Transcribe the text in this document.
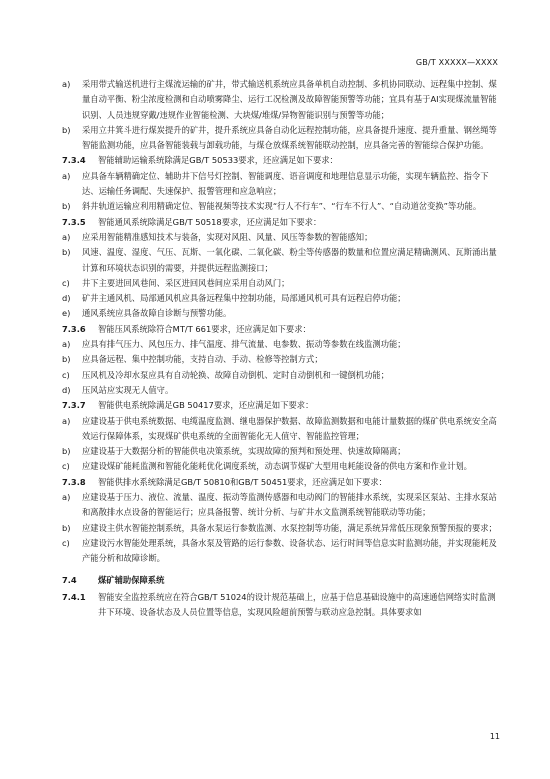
GB/T XXXXX—XXXX
a)	采用带式输送机进行主煤流运输的矿井，带式输送机系统应具备单机自动控制、多机协同联动、远程集中控制、煤量自动平衡、粉尘浓度检测和自动喷雾降尘、运行工况检测及故障智能预警等功能；宜具有基于AI实现煤流量智能识别、人员违规穿戴/违规作业智能检测、大块煤/堆煤/异物智能识别与预警等功能；
b)	采用立井箕斗进行煤炭提升的矿井，提升系统应具备自动化远程控制功能，应具备提升速度、提升重量、钢丝绳等智能监测功能，应具备智能装载与卸载功能，与煤仓放煤系统智能联动控制，应具备完善的智能综合保护功能。
7.3.4	智能辅助运输系统除满足GB/T 50533要求，还应满足如下要求：
a)	应具备车辆精确定位、辅助井下信号灯控制、智能调度、语音调度和地理信息显示功能，实现车辆监控、指令下达、运输任务调配、失速保护、报警管理和应急响应；
b)	斜井轨道运输应利用精确定位、智能视频等技术实现“行人不行车”、“行车不行人”、“自动道岔变换”等功能。
7.3.5	智能通风系统除满足GB/T 50518要求，还应满足如下要求：
a)	应采用智能精准感知技术与装备，实现对风阻、风量、风压等参数的智能感知；
b)	风速、温度、湿度、气压、瓦斯、一氧化碳、二氧化碳、粉尘等传感器的数量和位置应满足精确测风、瓦斯涌出量计算和环境状态识别的需要，并提供远程监测接口；
c)	井下主要进回风巷间、采区进回风巷间应采用自动风门；
d)	矿井主通风机、局部通风机应具备远程集中控制功能，局部通风机可具有远程启停功能；
e)	通风系统应具备故障自诊断与预警功能。
7.3.6	智能压风系统除符合MT/T 661要求，还应满足如下要求：
a)	应具有排气压力、风包压力、排气温度、排气流量、电参数、振动等参数在线监测功能；
b)	应具备远程、集中控制功能，支持自动、手动、检修等控制方式；
c)	压风机及冷却水泵应具有自动轮换、故障自动倒机、定时自动倒机和一键倒机功能；
d)	压风站应实现无人值守。
7.3.7	智能供电系统除满足GB 50417要求，还应满足如下要求：
a)	应建设基于供电系统数据、电缆温度监测、继电器保护数据、故障监测数据和电能计量数据的煤矿供电系统安全高效运行保障体系，实现煤矿供电系统的全面智能化无人值守、智能监控管理；
b)	应建设基于大数据分析的智能供电决策系统，实现故障的预判和预处理、快速故障隔离；
c)	应建设煤矿能耗监测和智能化能耗优化调度系统，动态调节煤矿大型用电耗能设备的供电方案和作业计划。
7.3.8	智能供排水系统除满足GB/T 50810和GB/T 50451要求，还应满足如下要求：
a)	应建设基于压力、液位、流量、温度、振动等监测传感器和电动阀门的智能排水系统，实现采区泵站、主排水泵站和离散排水点设备的智能运行；应具备报警、统计分析、与矿井水文监测系统智能联动等功能；
b)	应建设主供水智能控制系统，具备水泵运行参数监测、水泵控制等功能，满足系统异常低压现象预警预报的要求；
c)	应建设污水智能处理系统，具备水泵及管路的运行参数、设备状态、运行时间等信息实时监测功能，并实现能耗及产能分析和故障诊断。
7.4	煤矿辅助保障系统
7.4.1	智能安全监控系统应在符合GB/T 51024的设计规范基础上，应基于信息基础设施中的高速通信网络实时监测井下环境、设备状态及人员位置等信息，实现风险超前预警与联动应急控制。具体要求如
11
